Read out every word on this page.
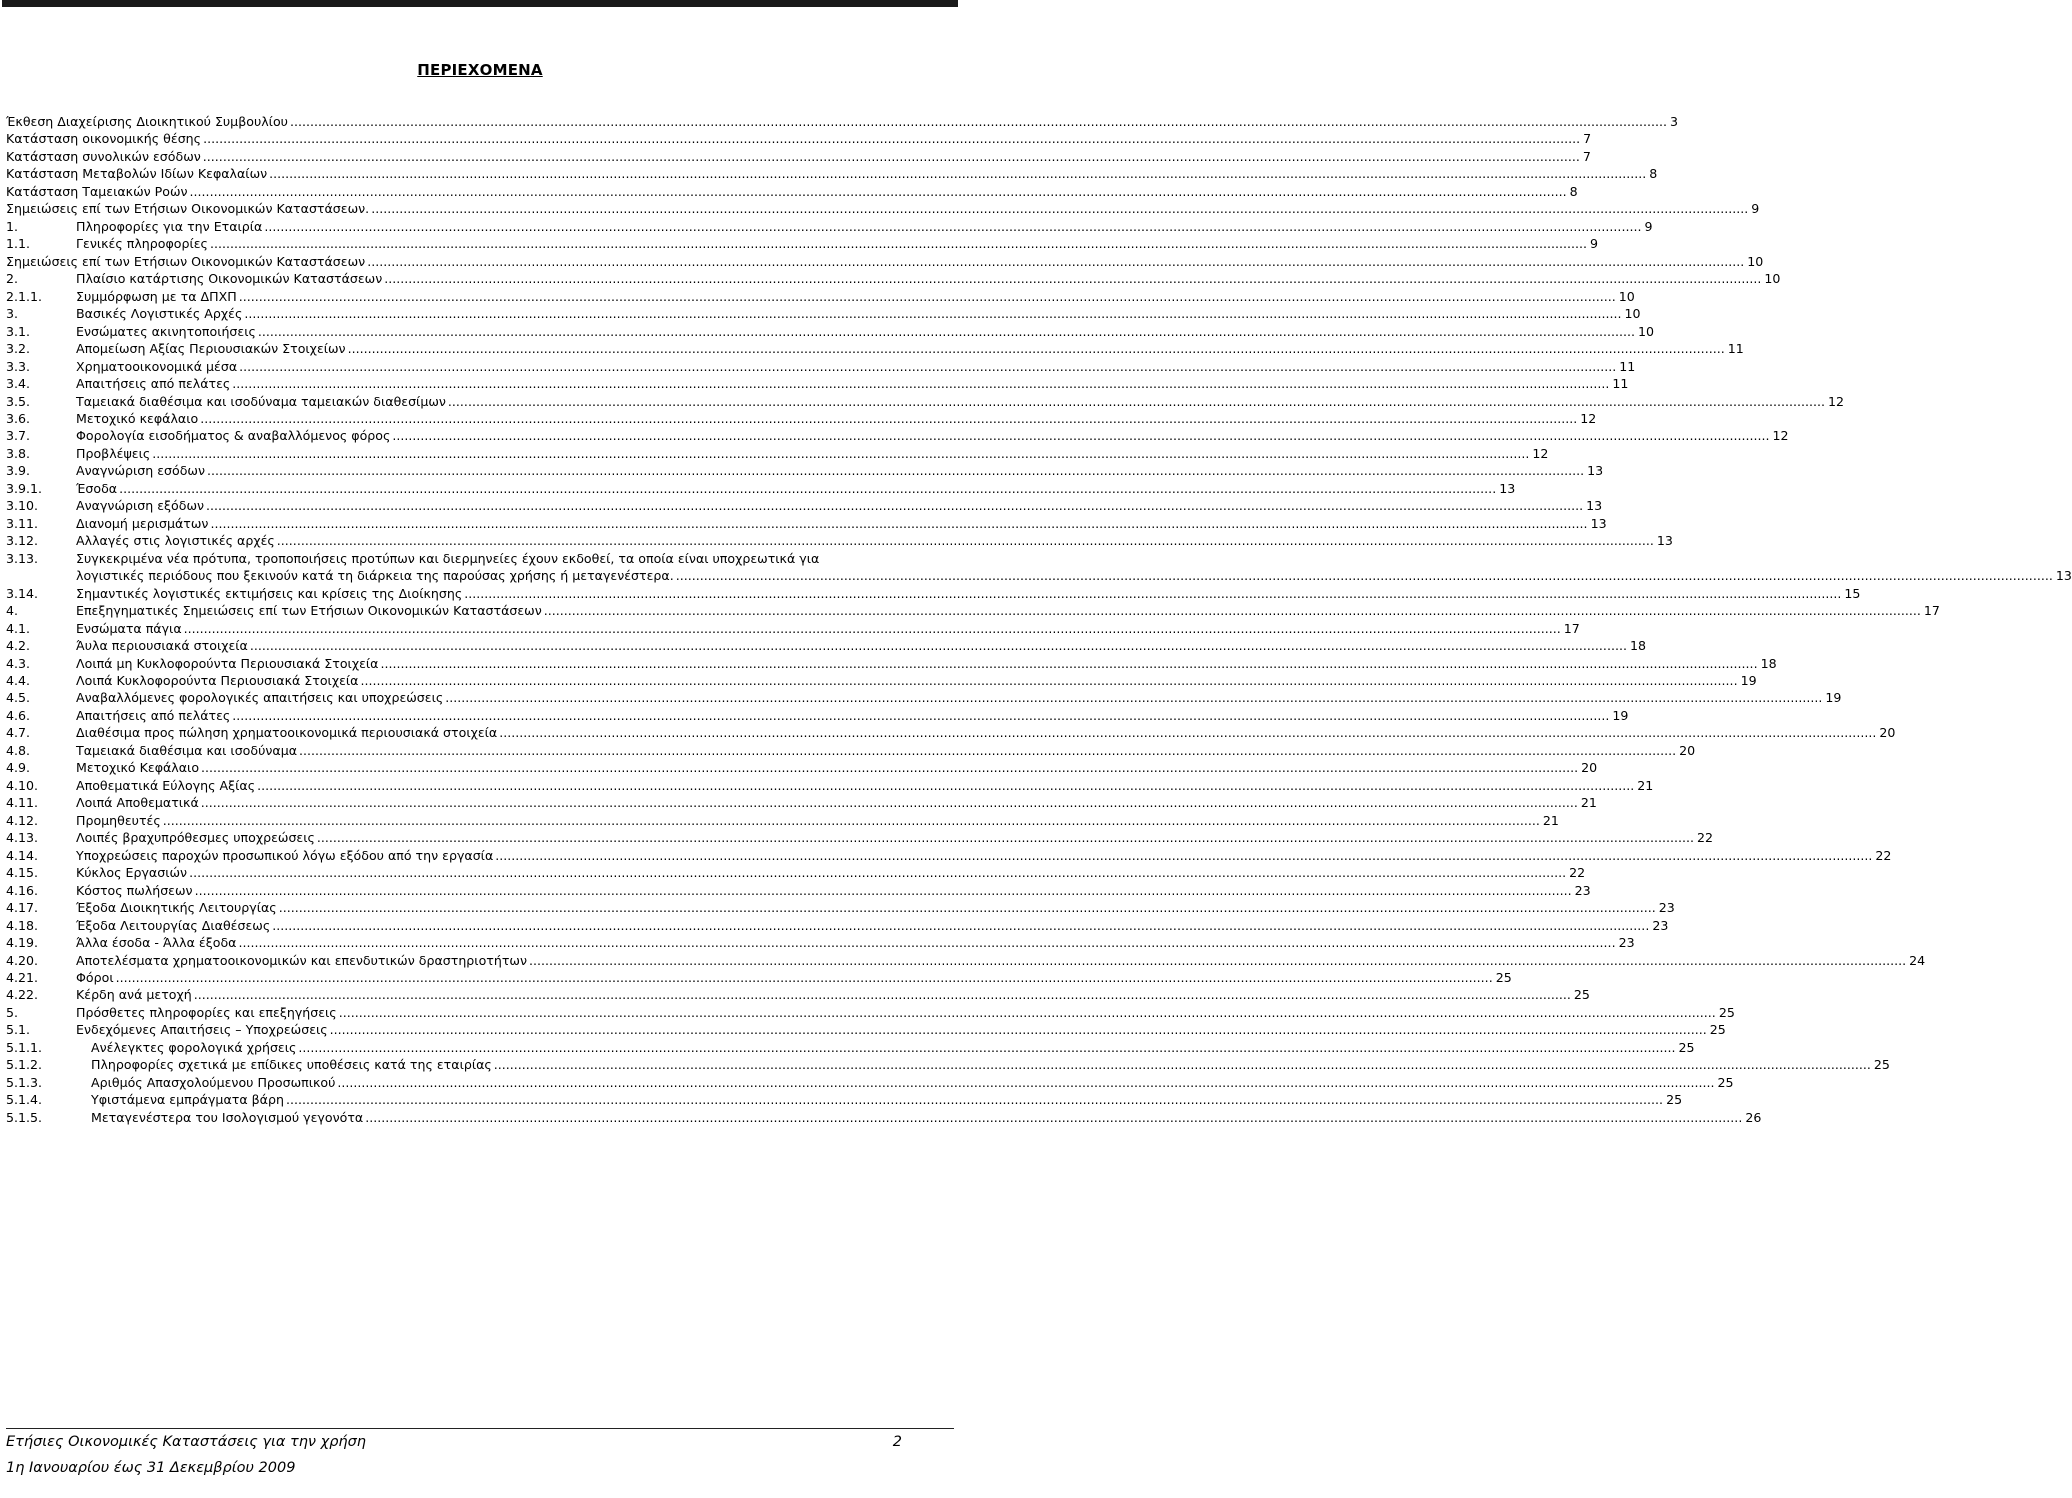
ΠΕΡΙΕΧΟΜΕΝΑ
Έκθεση Διαχείρισης Διοικητικού Συμβουλίου .....	3
Κατάσταση οικονομικής θέσης .....	7
Κατάσταση συνολικών εσόδων .....	7
Κατάσταση Μεταβολών Ιδίων Κεφαλαίων .....	8
Κατάσταση Ταμειακών Ροών .....	8
Σημειώσεις επί των Ετήσιων Οικονομικών Καταστάσεων. .....	9
1.	Πληροφορίες για την Εταιρία .....	9
1.1.	Γενικές πληροφορίες .....	9
Σημειώσεις επί των Ετήσιων Οικονομικών Καταστάσεων .....	10
2.	Πλαίσιο κατάρτισης Οικονομικών Καταστάσεων .....	10
2.1.1.	Συμμόρφωση με τα ΔΠΧΠ .....	10
3.	Βασικές Λογιστικές Αρχές .....	10
3.1.	Ενσώματες ακινητοποιήσεις .....	10
3.2.	Απομείωση Αξίας Περιουσιακών Στοιχείων .....	11
3.3.	Χρηματοοικονομικά μέσα .....	11
3.4.	Απαιτήσεις από πελάτες .....	11
3.5.	Ταμειακά διαθέσιμα και ισοδύναμα ταμειακών διαθεσίμων .....	12
3.6.	Μετοχικό κεφάλαιο .....	12
3.7.	Φορολογία εισοδήματος & αναβαλλόμενος φόρος .....	12
3.8.	Προβλέψεις .....	12
3.9.	Αναγνώριση εσόδων .....	13
3.9.1.	Έσοδα .....	13
3.10.	Αναγνώριση εξόδων .....	13
3.11.	Διανομή μερισμάτων .....	13
3.12.	Αλλαγές στις λογιστικές αρχές .....	13
3.13.	Συγκεκριμένα νέα πρότυπα, τροποποιήσεις προτύπων και διερμηνείες έχουν εκδοθεί, τα οποία είναι υποχρεωτικά για
λογιστικές περιόδους που ξεκινούν κατά τη διάρκεια της παρούσας χρήσης ή μεταγενέστερα. .....	13
3.14.	Σημαντικές λογιστικές εκτιμήσεις και κρίσεις της Διοίκησης .....	15
4.	Επεξηγηματικές Σημειώσεις επί των Ετήσιων Οικονομικών Καταστάσεων .....	17
4.1.	Ενσώματα πάγια .....	17
4.2.	Άυλα περιουσιακά στοιχεία .....	18
4.3.	Λοιπά μη Κυκλοφορούντα Περιουσιακά Στοιχεία .....	18
4.4.	Λοιπά Κυκλοφορούντα Περιουσιακά Στοιχεία .....	19
4.5.	Αναβαλλόμενες φορολογικές απαιτήσεις και υποχρεώσεις .....	19
4.6.	Απαιτήσεις από πελάτες .....	19
4.7.	Διαθέσιμα προς πώληση χρηματοοικονομικά περιουσιακά στοιχεία .....	20
4.8.	Ταμειακά διαθέσιμα και ισοδύναμα .....	20
4.9.	Μετοχικό Κεφάλαιο .....	20
4.10.	Αποθεματικά Εύλογης Αξίας .....	21
4.11.	Λοιπά Αποθεματικά .....	21
4.12.	Προμηθευτές .....	21
4.13.	Λοιπές βραχυπρόθεσμες υποχρεώσεις .....	22
4.14.	Υποχρεώσεις παροχών προσωπικού λόγω εξόδου από την εργασία .....	22
4.15.	Κύκλος Εργασιών .....	22
4.16.	Κόστος πωλήσεων .....	23
4.17.	Έξοδα Διοικητικής Λειτουργίας .....	23
4.18.	Έξοδα Λειτουργίας Διαθέσεως .....	23
4.19.	Άλλα έσοδα - Άλλα έξοδα .....	23
4.20.	Αποτελέσματα χρηματοοικονομικών και επενδυτικών δραστηριοτήτων .....	24
4.21.	Φόροι .....	25
4.22.	Κέρδη ανά μετοχή .....	25
5.	Πρόσθετες πληροφορίες και επεξηγήσεις .....	25
5.1.	Ενδεχόμενες Απαιτήσεις – Υποχρεώσεις .....	25
5.1.1.	Ανέλεγκτες φορολογικά χρήσεις .....	25
5.1.2.	Πληροφορίες σχετικά με επίδικες υποθέσεις κατά της εταιρίας .....	25
5.1.3.	Αριθμός Απασχολούμενου Προσωπικού .....	25
5.1.4.	Υφιστάμενα εμπράγματα βάρη .....	25
5.1.5.	Μεταγενέστερα του Ισολογισμού γεγονότα .....	26
Ετήσιες Οικονομικές Καταστάσεις για την χρήση	2
1η Ιανουαρίου έως 31 Δεκεμβρίου 2009
